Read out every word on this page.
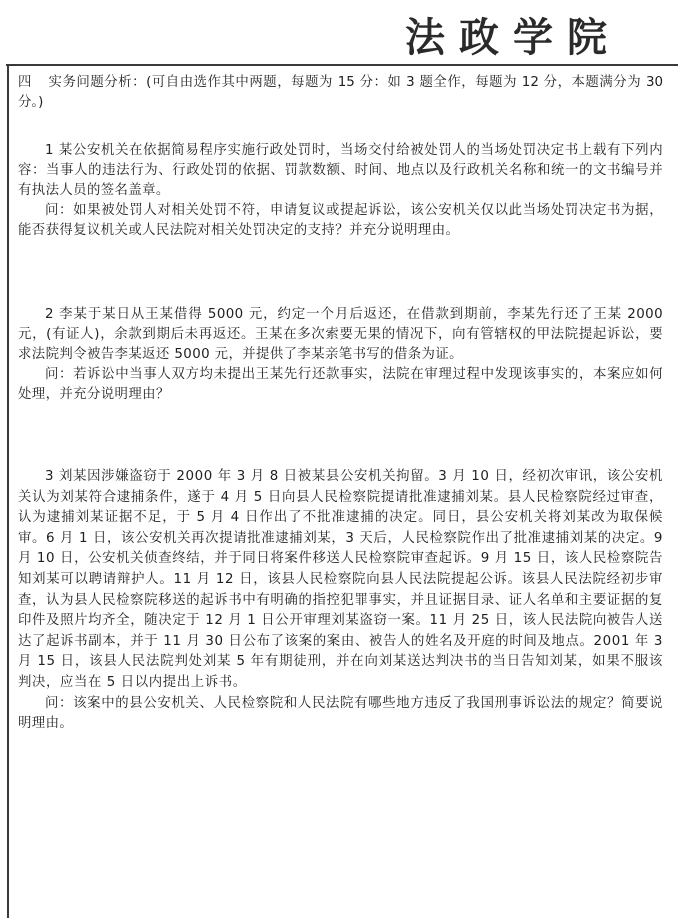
法政学院

四 实务问题分析：(可自由选作其中两题，每题为 15 分：如 3 题全作，每题为 12 分，本题满分为 30 分。)

1 某公安机关在依据简易程序实施行政处罚时，当场交付给被处罚人的当场处罚决定书上载有下列内容：当事人的违法行为、行政处罚的依据、罚款数额、时间、地点以及行政机关名称和统一的文书编号并有执法人员的签名盖章。

问：如果被处罚人对相关处罚不符，申请复议或提起诉讼，该公安机关仅以此当场处罚决定书为据，能否获得复议机关或人民法院对相关处罚决定的支持？并充分说明理由。

2 李某于某日从王某借得 5000 元，约定一个月后返还，在借款到期前，李某先行还了王某 2000 元，(有证人)，余款到期后未再返还。王某在多次索要无果的情况下，向有管辖权的甲法院提起诉讼，要求法院判令被告李某返还 5000 元，并提供了李某亲笔书写的借条为证。

问：若诉讼中当事人双方均未提出王某先行还款事实，法院在审理过程中发现该事实的，本案应如何处理，并充分说明理由？

3 刘某因涉嫌盗窃于 2000 年 3 月 8 日被某县公安机关拘留。3 月 10 日，经初次审讯，该公安机关认为刘某符合逮捕条件，遂于 4 月 5 日向县人民检察院提请批准逮捕刘某。县人民检察院经过审查，认为逮捕刘某证据不足，于 5 月 4 日作出了不批准逮捕的决定。同日，县公安机关将刘某改为取保候审。6 月 1 日，该公安机关再次提请批准逮捕刘某，3 天后，人民检察院作出了批准逮捕刘某的决定。9 月 10 日，公安机关侦查终结，并于同日将案件移送人民检察院审查起诉。9 月 15 日，该人民检察院告知刘某可以聘请辩护人。11 月 12 日，该县人民检察院向县人民法院提起公诉。该县人民法院经初步审查，认为县人民检察院移送的起诉书中有明确的指控犯罪事实，并且证据目录、证人名单和主要证据的复印件及照片均齐全，随决定于 12 月 1 日公开审理刘某盗窃一案。11 月 25 日，该人民法院向被告人送达了起诉书副本，并于 11 月 30 日公布了该案的案由、被告人的姓名及开庭的时间及地点。2001 年 3 月 15 日，该县人民法院判处刘某 5 年有期徒刑，并在向刘某送达判决书的当日告知刘某，如果不服该判决，应当在 5 日以内提出上诉书。

问：该案中的县公安机关、人民检察院和人民法院有哪些地方违反了我国刑事诉讼法的规定？简要说明理由。
